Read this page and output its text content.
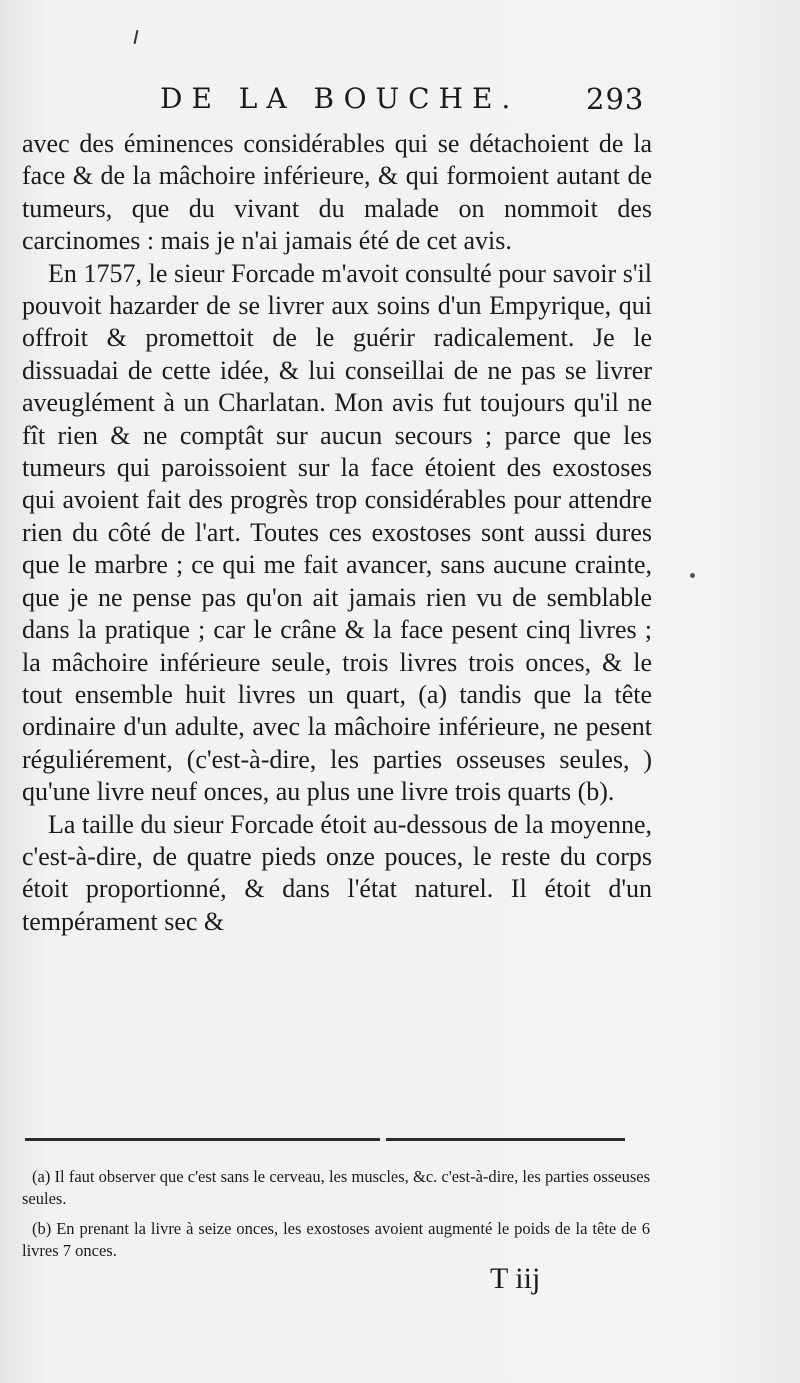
DE LA BOUCHE. 293

avec des éminences considérables qui se détachoient de la face & de la mâchoire inférieure, & qui formoient autant de tumeurs, que du vivant du malade on nommoit des carcinomes : mais je n'ai jamais été de cet avis.

En 1757, le sieur Forcade m'avoit consulté pour savoir s'il pouvoit hazarder de se livrer aux soins d'un Empyrique, qui offroit & promettoit de le guérir radicalement. Je le dissuadai de cette idée, & lui conseillai de ne pas se livrer aveuglément à un Charlatan. Mon avis fut toujours qu'il ne fît rien & ne comptât sur aucun secours ; parce que les tumeurs qui paroissoient sur la face étoient des exostoses qui avoient fait des progrès trop considérables pour attendre rien du côté de l'art. Toutes ces exostoses sont aussi dures que le marbre ; ce qui me fait avancer, sans aucune crainte, que je ne pense pas qu'on ait jamais rien vu de semblable dans la pratique ; car le crâne & la face pesent cinq livres ; la mâchoire inférieure seule, trois livres trois onces, & le tout ensemble huit livres un quart, (a) tandis que la tête ordinaire d'un adulte, avec la mâchoire inférieure, ne pesent réguliérement, (c'est-à-dire, les parties osseuses seules, ) qu'une livre neuf onces, au plus une livre trois quarts (b).

La taille du sieur Forcade étoit au-dessous de la moyenne, c'est-à-dire, de quatre pieds onze pouces, le reste du corps étoit proportionné, & dans l'état naturel. Il étoit d'un tempérament sec &

(a) Il faut observer que c'est sans le cerveau, les muscles, &c. c'est-à-dire, les parties osseuses seules.

(b) En prenant la livre à seize onces, les exostoses avoient augmenté le poids de la tête de 6 livres 7 onces.

T iij
